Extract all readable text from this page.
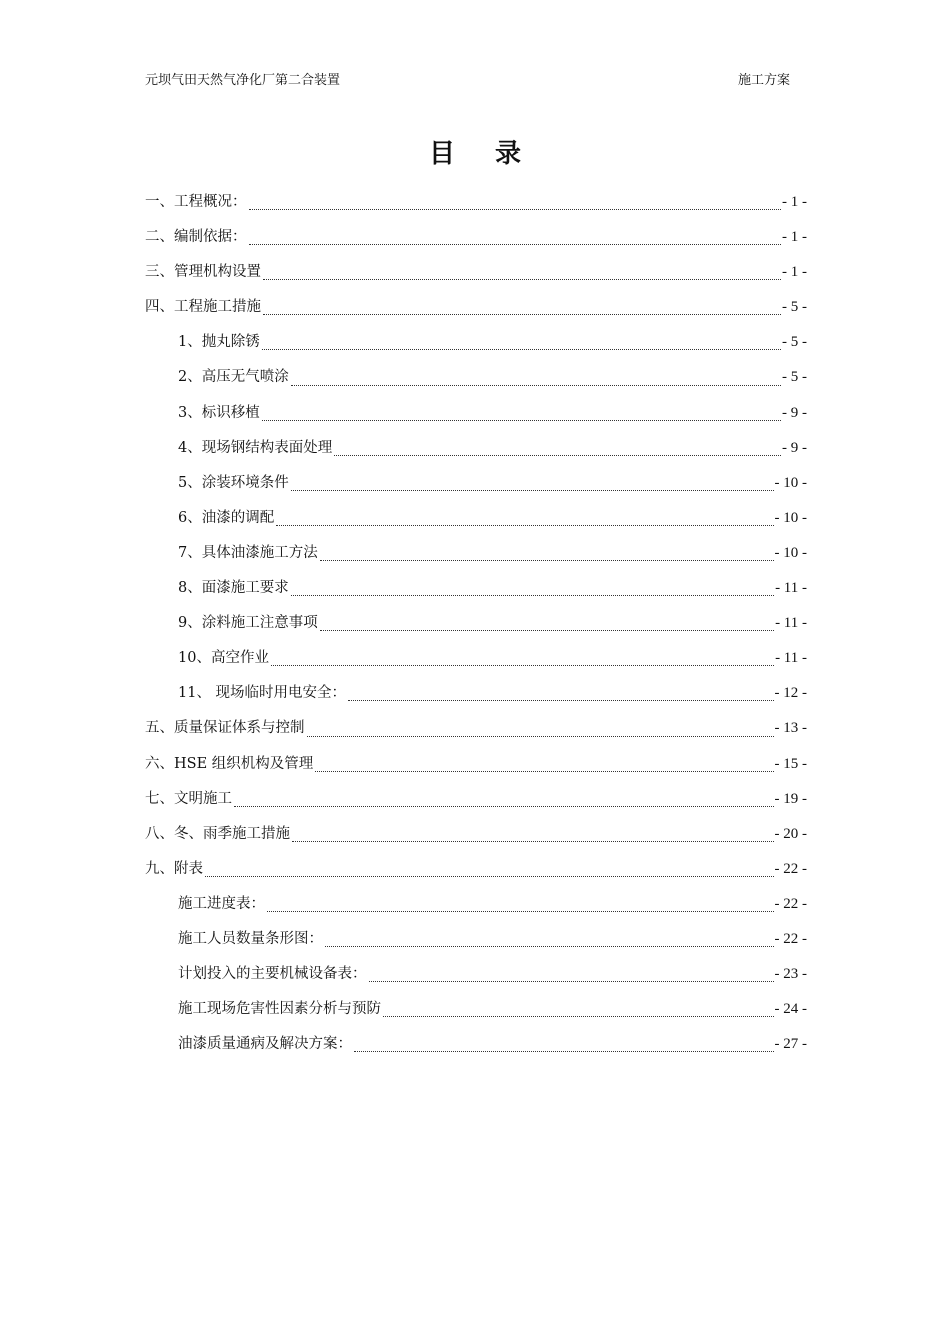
元坝气田天然气净化厂第二合装置	施工方案
目录
一、工程概况：	- 1 -
二、编制依据：	- 1 -
三、管理机构设置	- 1 -
四、工程施工措施	- 5 -
1、抛丸除锈	- 5 -
2、高压无气喷涂	- 5 -
3、标识移植	- 9 -
4、现场钢结构表面处理	- 9 -
5、涂装环境条件	- 10 -
6、油漆的调配	- 10 -
7、具体油漆施工方法	- 10 -
8、面漆施工要求	- 11 -
9、涂料施工注意事项	- 11 -
10、高空作业	- 11 -
11、 现场临时用电安全：	- 12 -
五、质量保证体系与控制	- 13 -
六、HSE 组织机构及管理	- 15 -
七、文明施工	- 19 -
八、冬、雨季施工措施	- 20 -
九、附表	- 22 -
施工进度表：	- 22 -
施工人员数量条形图：	- 22 -
计划投入的主要机械设备表：	- 23 -
施工现场危害性因素分析与预防	- 24 -
油漆质量通病及解决方案：	- 27 -
